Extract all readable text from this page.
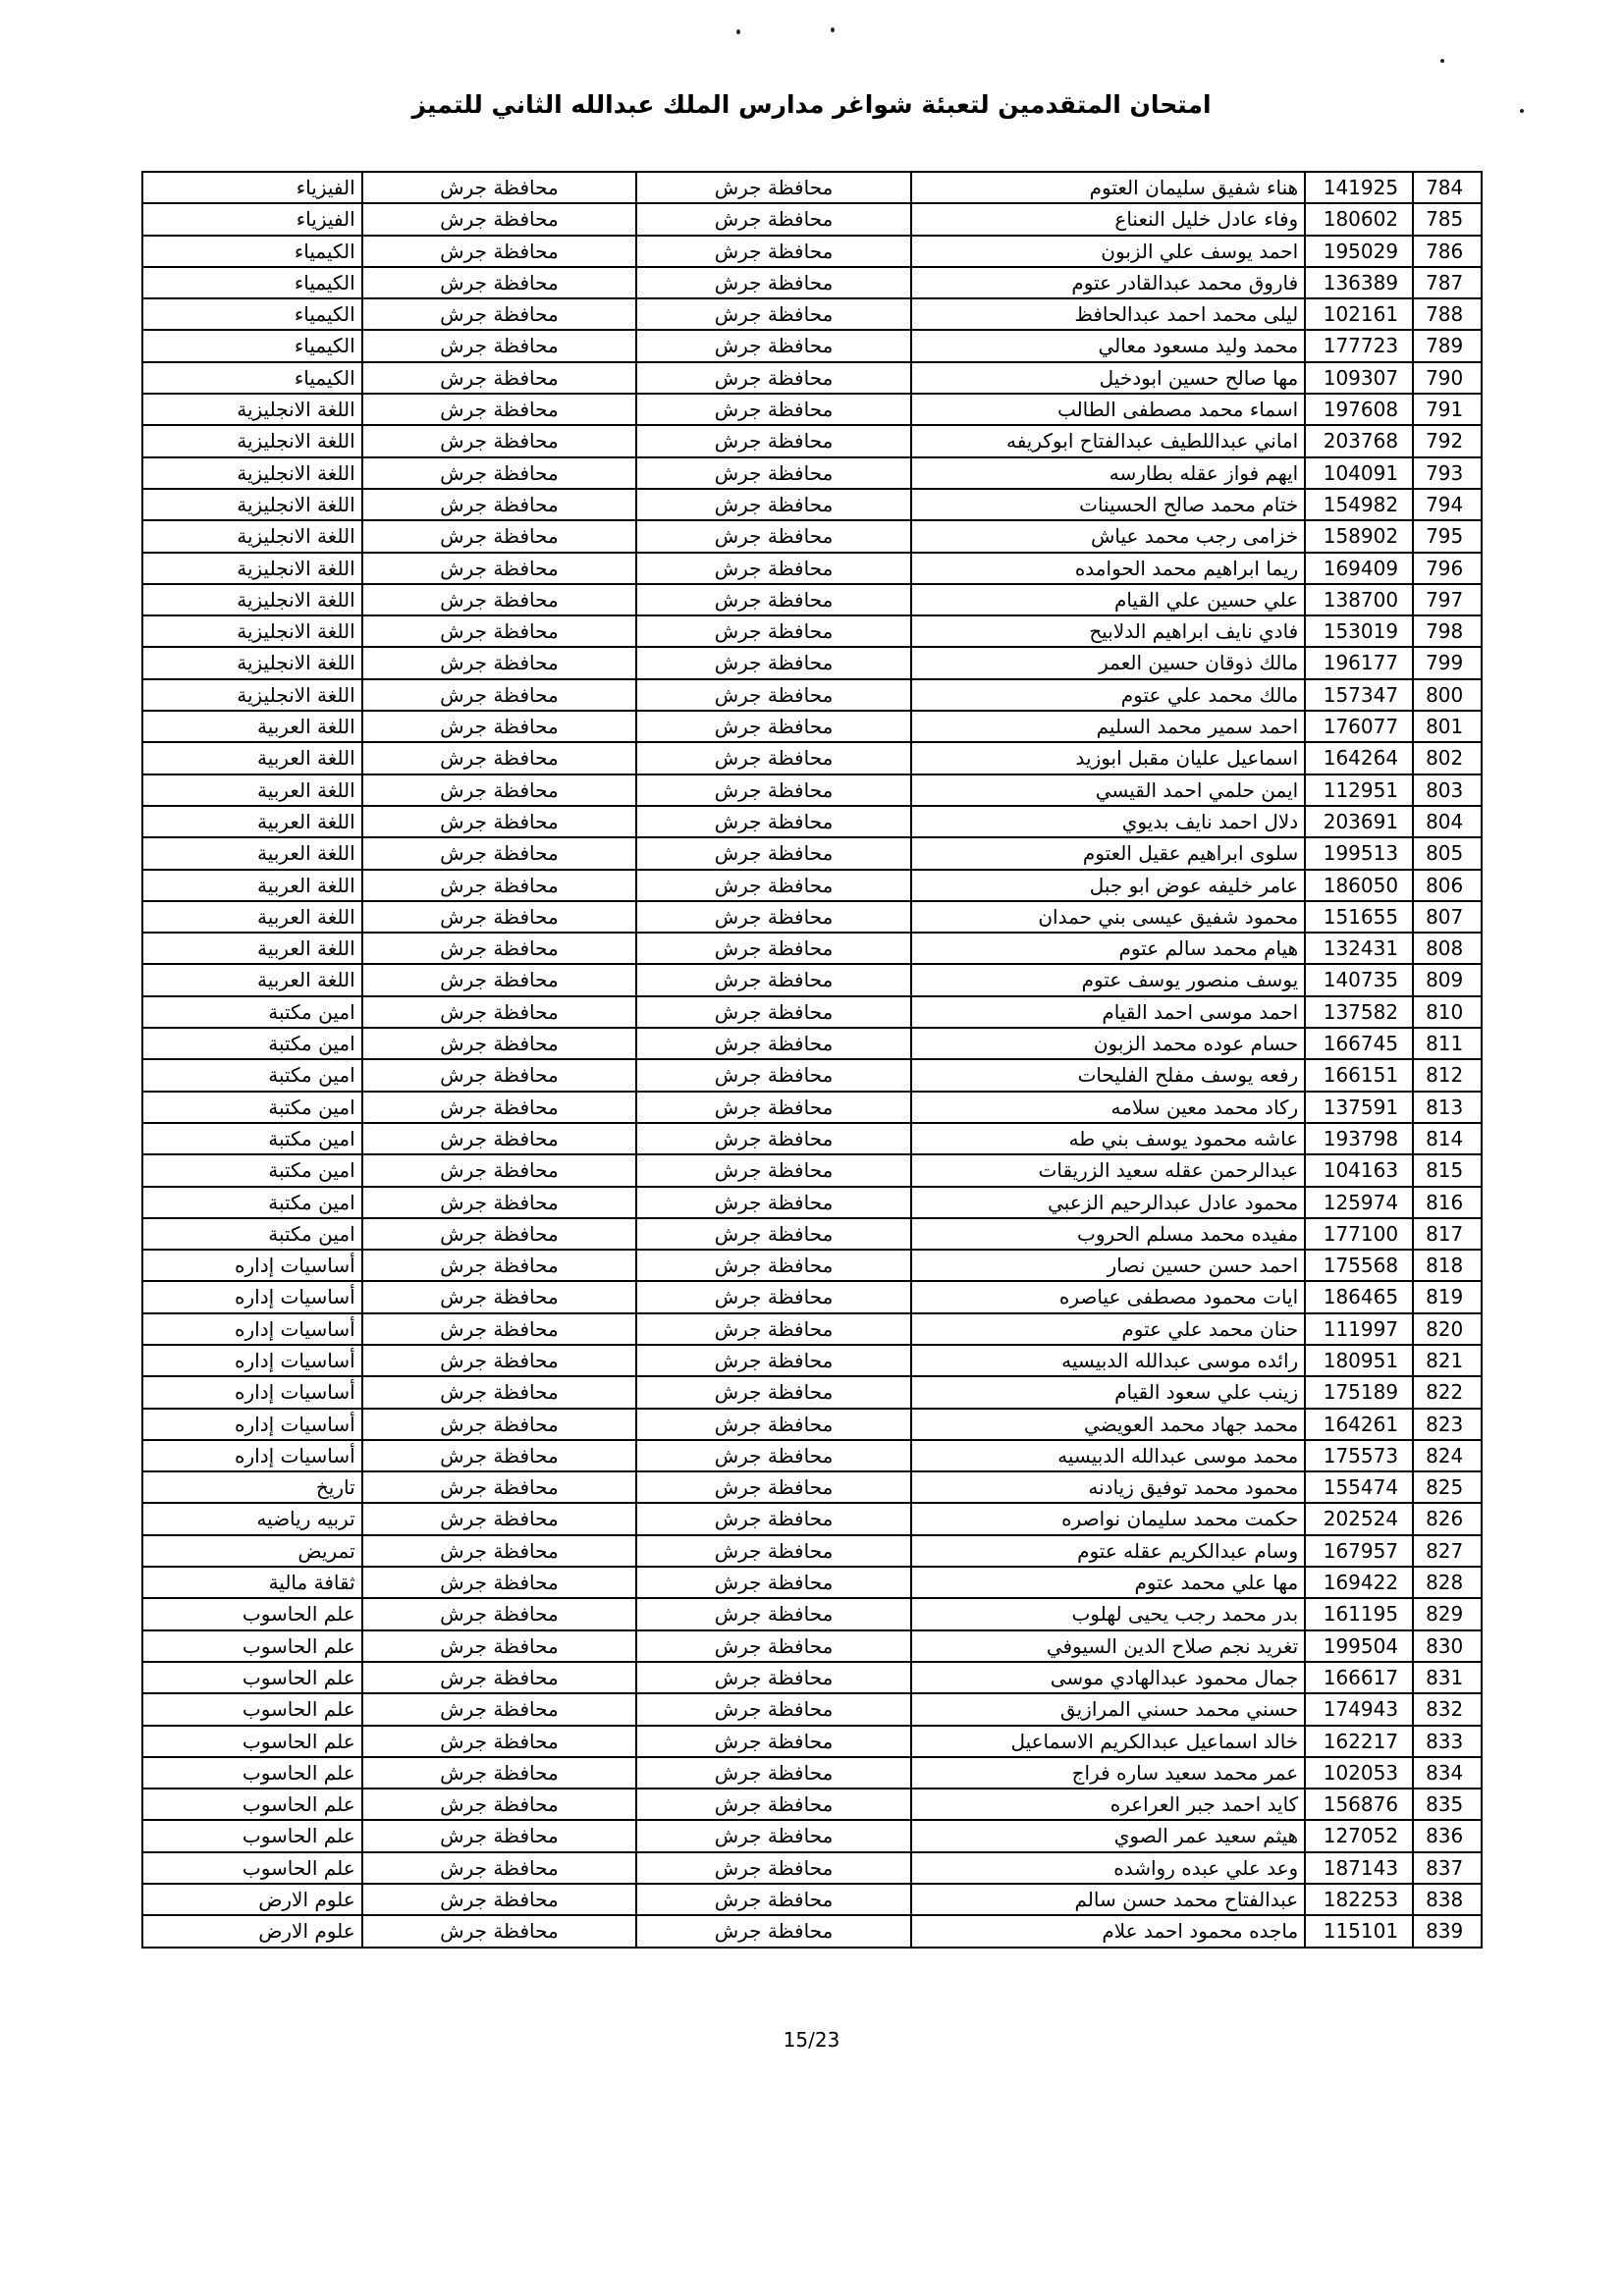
امتحان المتقدمين لتعبئة شواغر مدارس الملك عبدالله الثاني للتميز
784
141925
هناء شفيق سليمان العتوم
محافظة جرش
محافظة جرش
الفيزياء
785
180602
وفاء عادل خليل النعناع
محافظة جرش
محافظة جرش
الفيزياء
786
195029
احمد يوسف علي الزبون
محافظة جرش
محافظة جرش
الكيمياء
787
136389
فاروق محمد عبدالقادر عتوم
محافظة جرش
محافظة جرش
الكيمياء
788
102161
ليلى محمد احمد عبدالحافظ
محافظة جرش
محافظة جرش
الكيمياء
789
177723
محمد وليد مسعود معالي
محافظة جرش
محافظة جرش
الكيمياء
790
109307
مها صالح حسين ابودخيل
محافظة جرش
محافظة جرش
الكيمياء
791
197608
اسماء محمد مصطفى الطالب
محافظة جرش
محافظة جرش
اللغة الانجليزية
792
203768
اماني عبداللطيف عبدالفتاح ابوكريفه
محافظة جرش
محافظة جرش
اللغة الانجليزية
793
104091
ايهم فواز عقله بطارسه
محافظة جرش
محافظة جرش
اللغة الانجليزية
794
154982
ختام محمد صالح الحسينات
محافظة جرش
محافظة جرش
اللغة الانجليزية
795
158902
خزامى رجب محمد عياش
محافظة جرش
محافظة جرش
اللغة الانجليزية
796
169409
ريما ابراهيم محمد الحوامده
محافظة جرش
محافظة جرش
اللغة الانجليزية
797
138700
علي حسين علي القيام
محافظة جرش
محافظة جرش
اللغة الانجليزية
798
153019
فادي نايف ابراهيم الدلابيح
محافظة جرش
محافظة جرش
اللغة الانجليزية
799
196177
مالك ذوقان حسين العمر
محافظة جرش
محافظة جرش
اللغة الانجليزية
800
157347
مالك محمد علي عتوم
محافظة جرش
محافظة جرش
اللغة الانجليزية
801
176077
احمد سمير محمد السليم
محافظة جرش
محافظة جرش
اللغة العربية
802
164264
اسماعيل عليان مقبل ابوزيد
محافظة جرش
محافظة جرش
اللغة العربية
803
112951
ايمن حلمي احمد القيسي
محافظة جرش
محافظة جرش
اللغة العربية
804
203691
دلال احمد نايف بديوي
محافظة جرش
محافظة جرش
اللغة العربية
805
199513
سلوى ابراهيم عقيل العتوم
محافظة جرش
محافظة جرش
اللغة العربية
806
186050
عامر خليفه عوض ابو جبل
محافظة جرش
محافظة جرش
اللغة العربية
807
151655
محمود شفيق عيسى بني حمدان
محافظة جرش
محافظة جرش
اللغة العربية
808
132431
هيام محمد سالم عتوم
محافظة جرش
محافظة جرش
اللغة العربية
809
140735
يوسف منصور يوسف عتوم
محافظة جرش
محافظة جرش
اللغة العربية
810
137582
احمد موسى احمد القيام
محافظة جرش
محافظة جرش
امين مكتبة
811
166745
حسام عوده محمد الزبون
محافظة جرش
محافظة جرش
امين مكتبة
812
166151
رفعه يوسف مفلح الفليحات
محافظة جرش
محافظة جرش
امين مكتبة
813
137591
ركاد محمد معين سلامه
محافظة جرش
محافظة جرش
امين مكتبة
814
193798
عاشه محمود يوسف بني طه
محافظة جرش
محافظة جرش
امين مكتبة
815
104163
عبدالرحمن عقله سعيد الزريقات
محافظة جرش
محافظة جرش
امين مكتبة
816
125974
محمود عادل عبدالرحيم الزعبي
محافظة جرش
محافظة جرش
امين مكتبة
817
177100
مفيده محمد مسلم الحروب
محافظة جرش
محافظة جرش
امين مكتبة
818
175568
احمد حسن حسين نصار
محافظة جرش
محافظة جرش
أساسيات إداره
819
186465
ايات محمود مصطفى عياصره
محافظة جرش
محافظة جرش
أساسيات إداره
820
111997
حنان محمد علي عتوم
محافظة جرش
محافظة جرش
أساسيات إداره
821
180951
رائده موسى عبدالله الدبيسيه
محافظة جرش
محافظة جرش
أساسيات إداره
822
175189
زينب علي سعود القيام
محافظة جرش
محافظة جرش
أساسيات إداره
823
164261
محمد جهاد محمد العويضي
محافظة جرش
محافظة جرش
أساسيات إداره
824
175573
محمد موسى عبدالله الدبيسيه
محافظة جرش
محافظة جرش
أساسيات إداره
825
155474
محمود محمد توفيق زيادنه
محافظة جرش
محافظة جرش
تاريخ
826
202524
حكمت محمد سليمان نواصره
محافظة جرش
محافظة جرش
تربيه رياضيه
827
167957
وسام عبدالكريم عقله عتوم
محافظة جرش
محافظة جرش
تمريض
828
169422
مها علي محمد عتوم
محافظة جرش
محافظة جرش
ثقافة مالية
829
161195
بدر محمد رجب يحيى لهلوب
محافظة جرش
محافظة جرش
علم الحاسوب
830
199504
تغريد نجم صلاح الدين السيوفي
محافظة جرش
محافظة جرش
علم الحاسوب
831
166617
جمال محمود عبدالهادي موسى
محافظة جرش
محافظة جرش
علم الحاسوب
832
174943
حسني محمد حسني المرازيق
محافظة جرش
محافظة جرش
علم الحاسوب
833
162217
خالد اسماعيل عبدالكريم الاسماعيل
محافظة جرش
محافظة جرش
علم الحاسوب
834
102053
عمر محمد سعيد ساره فراج
محافظة جرش
محافظة جرش
علم الحاسوب
835
156876
كايد احمد جبر العراعره
محافظة جرش
محافظة جرش
علم الحاسوب
836
127052
هيثم سعيد عمر الصوي
محافظة جرش
محافظة جرش
علم الحاسوب
837
187143
وعد علي عبده رواشده
محافظة جرش
محافظة جرش
علم الحاسوب
838
182253
عبدالفتاح محمد حسن سالم
محافظة جرش
محافظة جرش
علوم الارض
839
115101
ماجده محمود احمد علام
محافظة جرش
محافظة جرش
علوم الارض
15/23
